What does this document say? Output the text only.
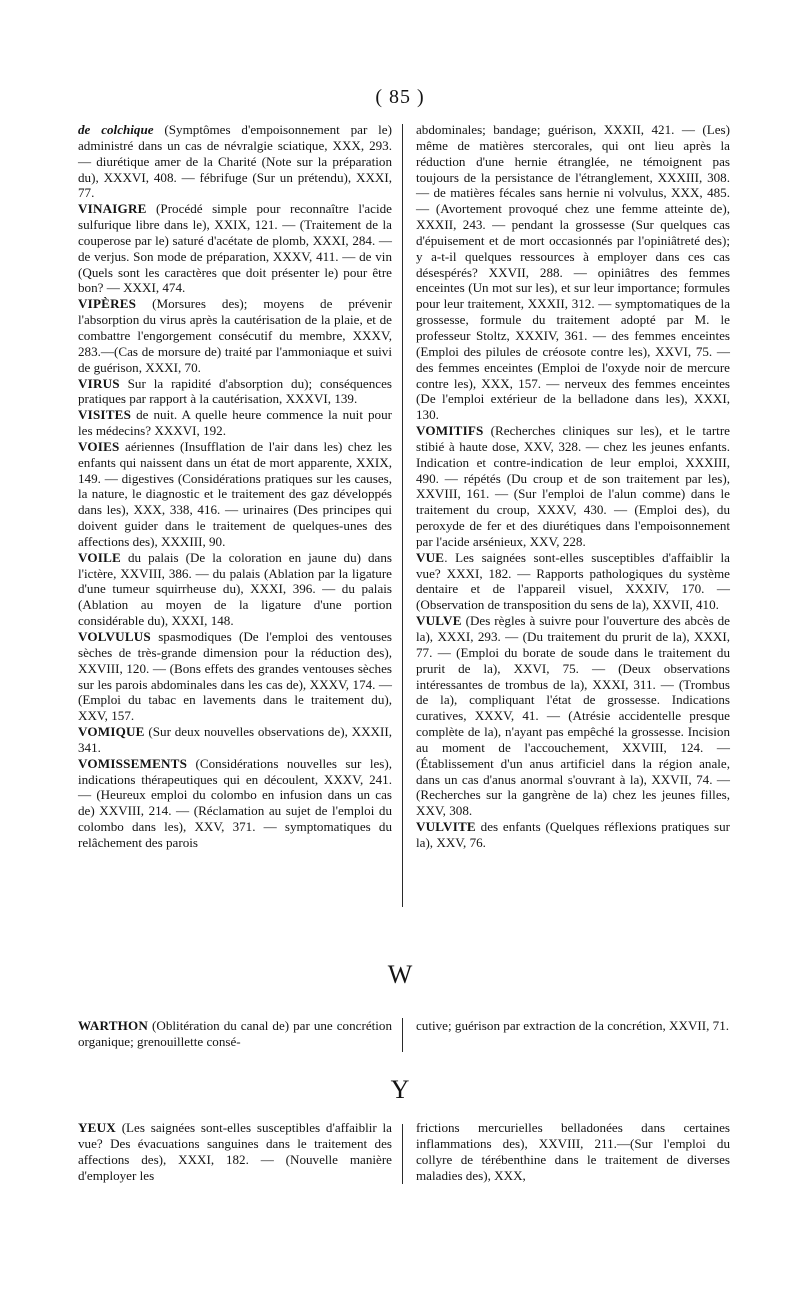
( 85 )

de colchique (Symptômes d'empoisonnement par le) administré dans un cas de névralgie sciatique, XXX, 293. — diurétique amer de la Charité (Note sur la préparation du), XXXVI, 408. — fébrifuge (Sur un prétendu), XXXI, 77.

VINAIGRE (Procédé simple pour reconnaître l'acide sulfurique libre dans le), XXIX, 121. — (Traitement de la couperose par le) saturé d'acétate de plomb, XXXI, 284. — de verjus. Son mode de préparation, XXXV, 411. — de vin (Quels sont les caractères que doit présenter le) pour être bon? — XXXI, 474.

VIPÈRES (Morsures des); moyens de prévenir l'absorption du virus après la cautérisation de la plaie, et de combattre l'engorgement consécutif du membre, XXXV, 283.—(Cas de morsure de) traité par l'ammoniaque et suivi de guérison, XXXI, 70.

VIRUS Sur la rapidité d'absorption du); conséquences pratiques par rapport à la cautérisation, XXXVI, 139.

VISITES de nuit. A quelle heure commence la nuit pour les médecins? XXXVI, 192.

VOIES aériennes (Insufflation de l'air dans les) chez les enfants qui naissent dans un état de mort apparente, XXIX, 149. — digestives (Considérations pratiques sur les causes, la nature, le diagnostic et le traitement des gaz développés dans les), XXX, 338, 416. — urinaires (Des principes qui doivent guider dans le traitement de quelques-unes des affections des), XXXIII, 90.

VOILE du palais (De la coloration en jaune du) dans l'ictère, XXVIII, 386. — du palais (Ablation par la ligature d'une tumeur squirrheuse du), XXXI, 396. — du palais (Ablation au moyen de la ligature d'une portion considérable du), XXXI, 148.

VOLVULUS spasmodiques (De l'emploi des ventouses sèches de très-grande dimension pour la réduction des), XXVIII, 120. — (Bons effets des grandes ventouses sèches sur les parois abdominales dans les cas de), XXXV, 174. — (Emploi du tabac en lavements dans le traitement du), XXV, 157.

VOMIQUE (Sur deux nouvelles observations de), XXXII, 341.

VOMISSEMENTS (Considérations nouvelles sur les), indications thérapeutiques qui en découlent, XXXV, 241. — (Heureux emploi du colombo en infusion dans un cas de) XXVIII, 214. — (Réclamation au sujet de l'emploi du colombo dans les), XXV, 371. — symptomatiques du relâchement des parois

abdominales; bandage; guérison, XXXII, 421. — (Les) même de matières stercorales, qui ont lieu après la réduction d'une hernie étranglée, ne témoignent pas toujours de la persistance de l'étranglement, XXXIII, 308. — de matières fécales sans hernie ni volvulus, XXX, 485. — (Avortement provoqué chez une femme atteinte de), XXXII, 243. — pendant la grossesse (Sur quelques cas d'épuisement et de mort occasionnés par l'opiniâtreté des); y a-t-il quelques ressources à employer dans ces cas désespérés? XXVII, 288. — opiniâtres des femmes enceintes (Un mot sur les), et sur leur importance; formules pour leur traitement, XXXII, 312. — symptomatiques de la grossesse, formule du traitement adopté par M. le professeur Stoltz, XXXIV, 361. — des femmes enceintes (Emploi des pilules de créosote contre les), XXVI, 75. — des femmes enceintes (Emploi de l'oxyde noir de mercure contre les), XXX, 157. — nerveux des femmes enceintes (De l'emploi extérieur de la belladone dans les), XXXI, 130.

VOMITIFS (Recherches cliniques sur les), et le tartre stibié à haute dose, XXV, 328. — chez les jeunes enfants. Indication et contre-indication de leur emploi, XXXIII, 490. — répétés (Du croup et de son traitement par les), XXVIII, 161. — (Sur l'emploi de l'alun comme) dans le traitement du croup, XXXV, 430. — (Emploi des), du peroxyde de fer et des diurétiques dans l'empoisonnement par l'acide arsénieux, XXV, 228.

VUE. Les saignées sont-elles susceptibles d'affaiblir la vue? XXXI, 182. — Rapports pathologiques du système dentaire et de l'appareil visuel, XXXIV, 170. — (Observation de transposition du sens de la), XXVII, 410.

VULVE (Des règles à suivre pour l'ouverture des abcès de la), XXXI, 293. — (Du traitement du prurit de la), XXXI, 77. — (Emploi du borate de soude dans le traitement du prurit de la), XXVI, 75. — (Deux observations intéressantes de trombus de la), XXXI, 311. — (Trombus de la), compliquant l'état de grossesse. Indications curatives, XXXV, 41. — (Atrésie accidentelle presque complète de la), n'ayant pas empêché la grossesse. Incision au moment de l'accouchement, XXVIII, 124. — (Établissement d'un anus artificiel dans la région anale, dans un cas d'anus anormal s'ouvrant à la), XXVII, 74. — (Recherches sur la gangrène de la) chez les jeunes filles, XXV, 308.

VULVITE des enfants (Quelques réflexions pratiques sur la), XXV, 76.

W

WARTHON (Oblitération du canal de) par une concrétion organique; grenouillette consé-

cutive; guérison par extraction de la concrétion, XXVII, 71.

Y

YEUX (Les saignées sont-elles susceptibles d'affaiblir la vue? Des évacuations sanguines dans le traitement des affections des), XXXI, 182. — (Nouvelle manière d'employer les

frictions mercurielles belladonées dans certaines inflammations des), XXVIII, 211.—(Sur l'emploi du collyre de térébenthine dans le traitement de diverses maladies des), XXX,
